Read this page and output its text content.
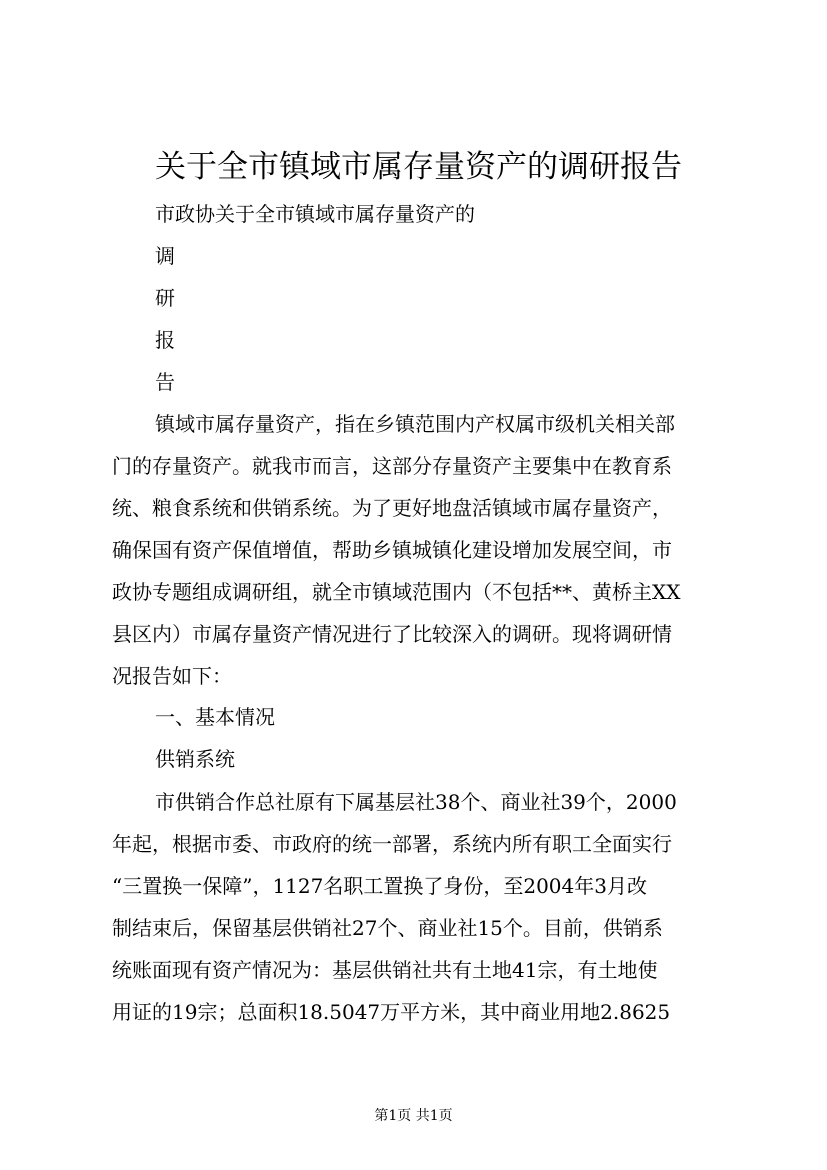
关于全市镇域市属存量资产的调研报告
市政协关于全市镇域市属存量资产的
调
研
报
告
镇域市属存量资产，指在乡镇范围内产权属市级机关相关部
门的存量资产。就我市而言，这部分存量资产主要集中在教育系
统、粮食系统和供销系统。为了更好地盘活镇域市属存量资产，
确保国有资产保值增值，帮助乡镇城镇化建设增加发展空间，市
政协专题组成调研组，就全市镇域范围内（不包括**、黄桥主XX
县区内）市属存量资产情况进行了比较深入的调研。现将调研情
况报告如下：
一、基本情况
供销系统
市供销合作总社原有下属基层社38个、商业社39个，2000
年起，根据市委、市政府的统一部署，系统内所有职工全面实行
“三置换一保障”，1127名职工置换了身份，至2004年3月改
制结束后，保留基层供销社27个、商业社15个。目前，供销系
统账面现有资产情况为：基层供销社共有土地41宗，有土地使
用证的19宗；总面积18.5047万平方米，其中商业用地2.8625
第1页 共1页
